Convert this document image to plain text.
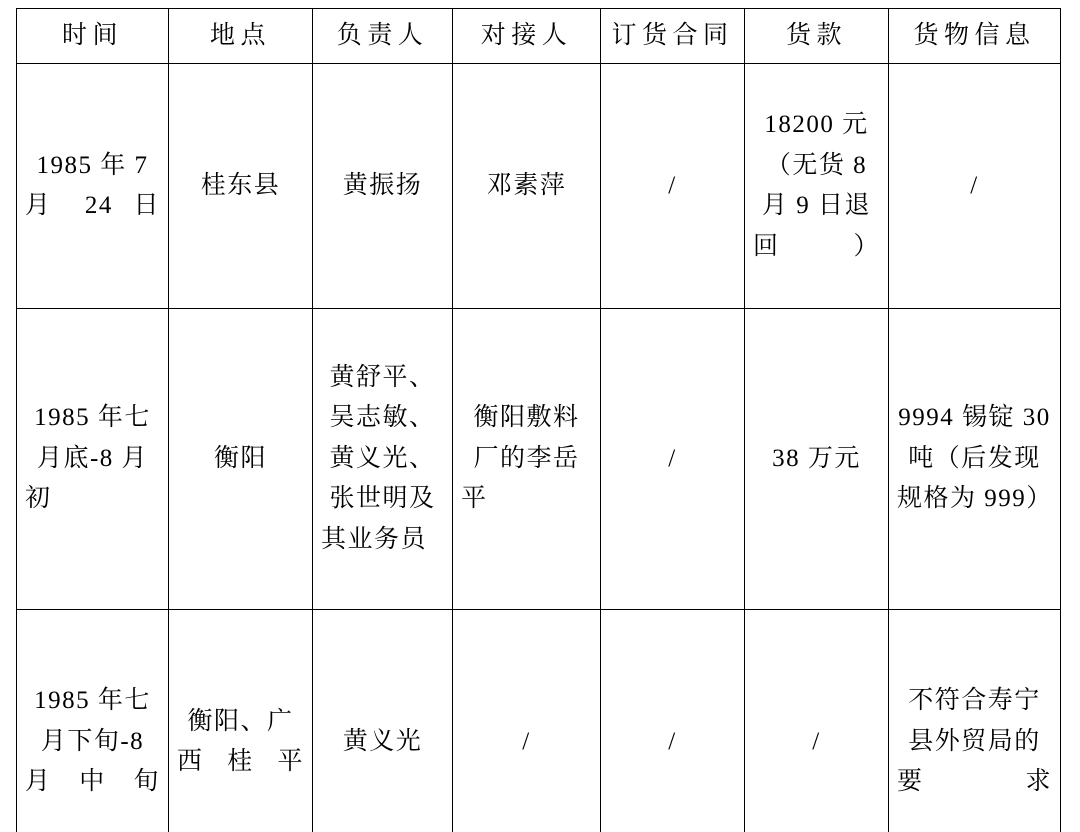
时间	地点	负责人	对接人	订货合同	货款	货物信息
1985 年 7 月 24 日	桂东县	黄振扬	邓素萍	/	18200 元（无货 8 月 9 日退回）	/
1985 年七月底-8 月初	衡阳	黄舒平、吴志敏、黄义光、张世明及其业务员	衡阳敷料厂的李岳平	/	38 万元	9994 锡锭 30 吨（后发现规格为 999）
1985 年七月下旬-8 月中旬	衡阳、广西桂平	黄义光	/	/	/	不符合寿宁县外贸局的要求
